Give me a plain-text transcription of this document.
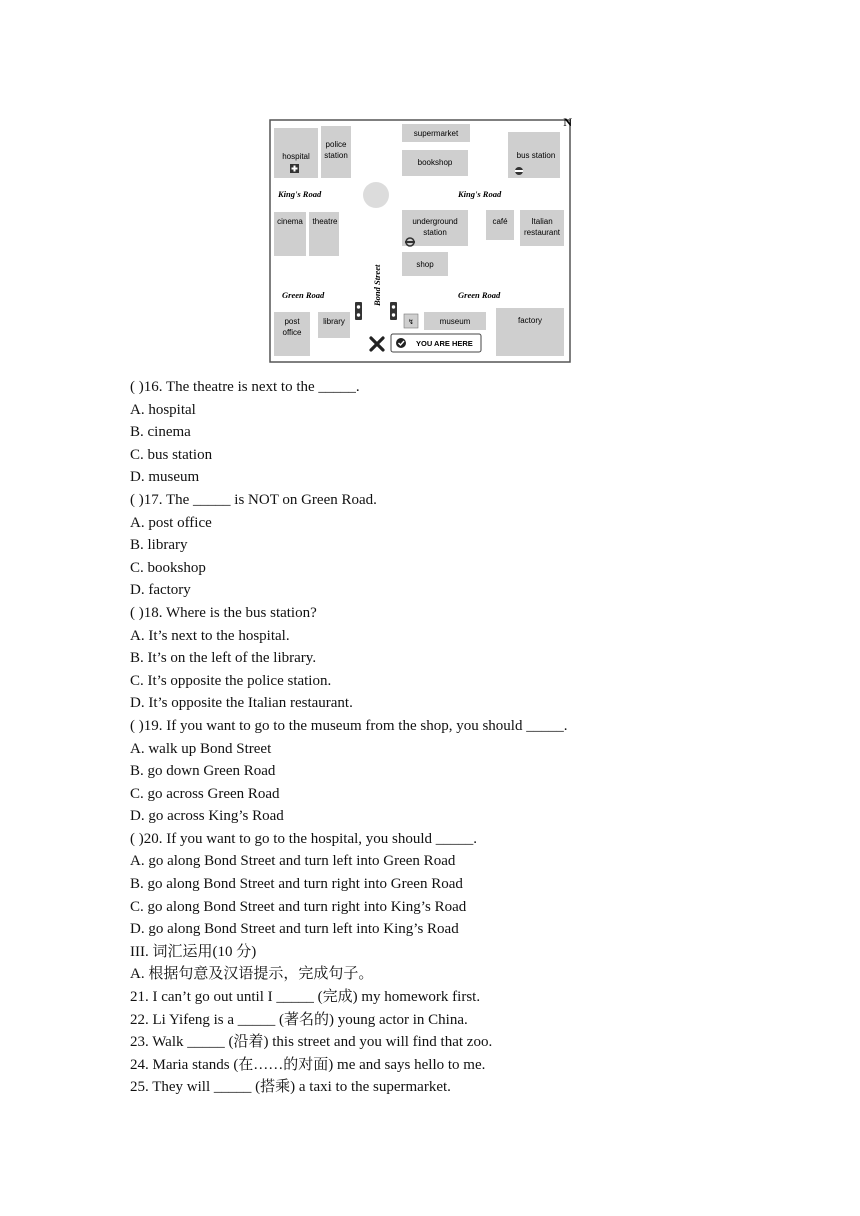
hospital
police
station
supermarket
bookshop
bus station
King's Road	King's Road
cinema theatre	underground
station
shop
café	Italian
restaurant
Green Road	Green Road
Bond Street
post
office
library	↯	museum	factory
YOU ARE HERE
N
( )16. The theatre is next to the _____.
A. hospital
B. cinema
C. bus station
D. museum
( )17. The _____ is NOT on Green Road.
A. post office
B. library
C. bookshop
D. factory
( )18. Where is the bus station?
A. It’s next to the hospital.
B. It’s on the left of the library.
C. It’s opposite the police station.
D. It’s opposite the Italian restaurant.
( )19. If you want to go to the museum from the shop, you should _____.
A. walk up Bond Street
B. go down Green Road
C. go across Green Road
D. go across King’s Road
( )20. If you want to go to the hospital, you should _____.
A. go along Bond Street and turn left into Green Road
B. go along Bond Street and turn right into Green Road
C. go along Bond Street and turn right into King’s Road
D. go along Bond Street and turn left into King’s Road
III. 词汇运用(10 分)
A. 根据句意及汉语提示，完成句子。
21. I can’t go out until I _____ (完成) my homework first.
22. Li Yifeng is a _____ (著名的) young actor in China.
23. Walk _____ (沿着) this street and you will find that zoo.
24. Maria stands (在……的对面) me and says hello to me.
25. They will _____ (搭乘) a taxi to the supermarket.
